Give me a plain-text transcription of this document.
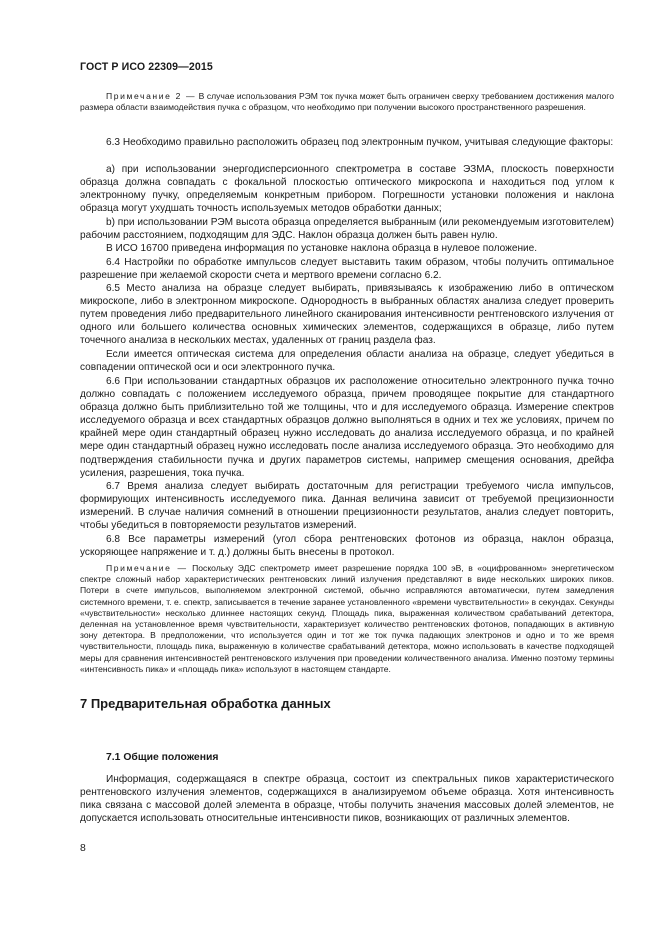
ГОСТ Р ИСО 22309—2015

Примечание 2 — В случае использования РЭМ ток пучка может быть ограничен сверху требованием достижения малого размера области взаимодействия пучка с образцом, что необходимо при получении высокого пространственного разрешения.

6.3 Необходимо правильно расположить образец под электронным пучком, учитывая следующие факторы:

a) при использовании энергодисперсионного спектрометра в составе ЭЗМА, плоскость поверхности образца должна совпадать с фокальной плоскостью оптического микроскопа и находиться под углом к электронному пучку, определяемым конкретным прибором. Погрешности установки положения и наклона образца могут ухудшать точность используемых методов обработки данных;

b) при использовании РЭМ высота образца определяется выбранным (или рекомендуемым изготовителем) рабочим расстоянием, подходящим для ЭДС. Наклон образца должен быть равен нулю.

В ИСО 16700 приведена информация по установке наклона образца в нулевое положение.

6.4 Настройки по обработке импульсов следует выставить таким образом, чтобы получить оптимальное разрешение при желаемой скорости счета и мертвого времени согласно 6.2.

6.5 Место анализа на образце следует выбирать, привязываясь к изображению либо в оптическом микроскопе, либо в электронном микроскопе. Однородность в выбранных областях анализа следует проверить путем проведения либо предварительного линейного сканирования интенсивности рентгеновского излучения от одного или большего количества основных химических элементов, содержащихся в образце, либо путем точечного анализа в нескольких местах, удаленных от границ раздела фаз.

Если имеется оптическая система для определения области анализа на образце, следует убедиться в совпадении оптической оси и оси электронного пучка.

6.6 При использовании стандартных образцов их расположение относительно электронного пучка точно должно совпадать с положением исследуемого образца, причем проводящее покрытие для стандартного образца должно быть приблизительно той же толщины, что и для исследуемого образца. Измерение спектров исследуемого образца и всех стандартных образцов должно выполняться в одних и тех же условиях, причем по крайней мере один стандартный образец нужно исследовать до анализа исследуемого образца, и по крайней мере один стандартный образец нужно исследовать после анализа исследуемого образца. Это необходимо для подтверждения стабильности пучка и других параметров системы, например смещения основания, дрейфа усиления, разрешения, тока пучка.

6.7 Время анализа следует выбирать достаточным для регистрации требуемого числа импульсов, формирующих интенсивность исследуемого пика. Данная величина зависит от требуемой прецизионности измерений. В случае наличия сомнений в отношении прецизионности результатов, анализ следует повторить, чтобы убедиться в повторяемости результатов измерений.

6.8 Все параметры измерений (угол сбора рентгеновских фотонов из образца, наклон образца, ускоряющее напряжение и т. д.) должны быть внесены в протокол.

Примечание — Поскольку ЭДС спектрометр имеет разрешение порядка 100 эВ, в «оцифрованном» энергетическом спектре сложный набор характеристических рентгеновских линий излучения представляют в виде нескольких широких пиков. Потери в счете импульсов, выполняемом электронной системой, обычно исправляются автоматически, путем замедления системного времени, т. е. спектр, записывается в течение заранее установленного «времени чувствительности» в секундах. Секунды «чувствительности» несколько длиннее настоящих секунд. Площадь пика, выраженная количеством срабатываний детектора, деленная на установленное время чувствительности, характеризует количество рентгеновских фотонов, попадающих в активную зону детектора. В предположении, что используется один и тот же ток пучка падающих электронов и одно и то же время чувствительности, площадь пика, выраженную в количестве срабатываний детектора, можно использовать в качестве подходящей меры для сравнения интенсивностей рентгеновского излучения при проведении количественного анализа. Именно поэтому термины «интенсивность пика» и «площадь пика» используют в настоящем стандарте.

7 Предварительная обработка данных
7.1 Общие положения

Информация, содержащаяся в спектре образца, состоит из спектральных пиков характеристического рентгеновского излучения элементов, содержащихся в анализируемом объеме образца. Хотя интенсивность пика связана с массовой долей элемента в образце, чтобы получить значения массовых долей элементов, не допускается использовать относительные интенсивности пиков, возникающих от различных элементов.

8
